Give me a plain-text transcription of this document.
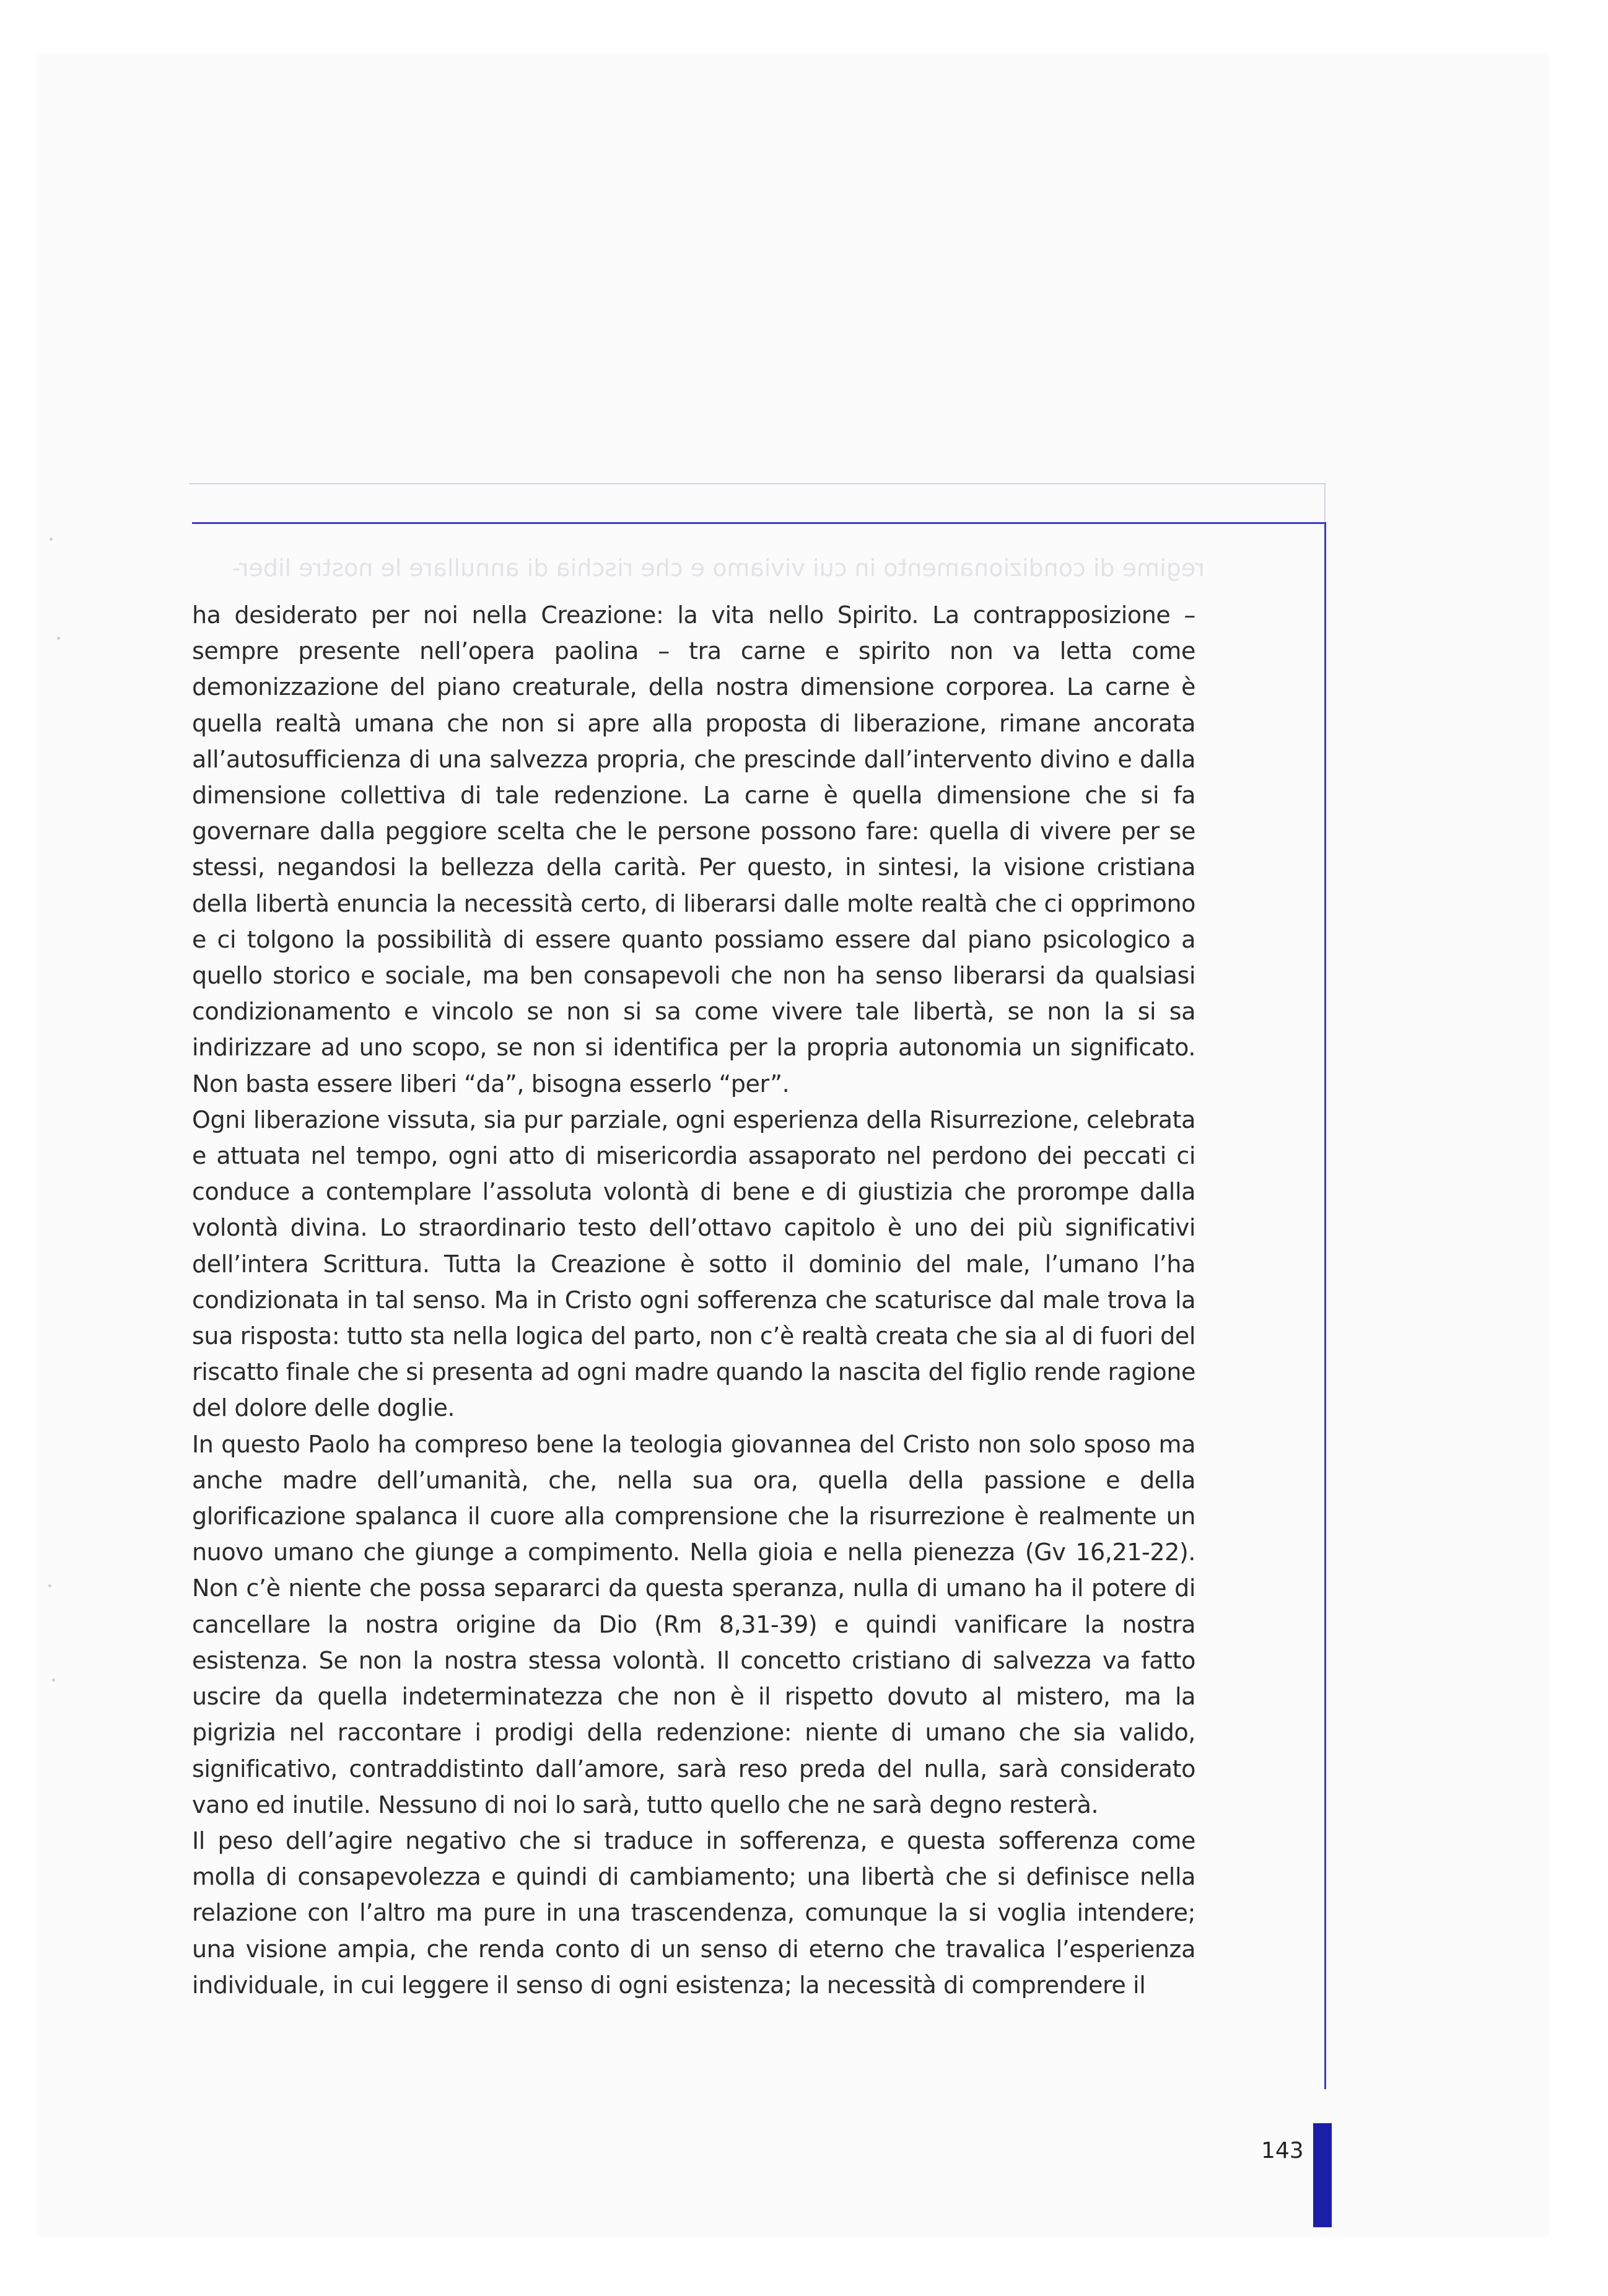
regime di condizionamento in cui viviamo e che rischia di annullare le nostre liber-

ha desiderato per noi nella Creazione: la vita nello Spirito. La contrapposizione – sempre presente nell’opera paolina – tra carne e spirito non va letta come demonizzazione del piano creaturale, della nostra dimensione corporea. La carne è quella realtà umana che non si apre alla proposta di liberazione, rimane ancorata all’autosufficienza di una salvezza propria, che prescinde dall’intervento divino e dalla dimensione collettiva di tale redenzione. La carne è quella dimensione che si fa governare dalla peggiore scelta che le persone possono fare: quella di vivere per se stessi, negandosi la bellezza della carità. Per questo, in sintesi, la visione cristiana della libertà enuncia la necessità certo, di liberarsi dalle molte realtà che ci opprimono e ci tolgono la possibilità di essere quanto possiamo essere dal piano psicologico a quello storico e sociale, ma ben consapevoli che non ha senso liberarsi da qualsiasi condizionamento e vincolo se non si sa come vivere tale libertà, se non la si sa indirizzare ad uno scopo, se non si identifica per la propria autonomia un significato. Non basta essere liberi “da”, bisogna esserlo “per”.

Ogni liberazione vissuta, sia pur parziale, ogni esperienza della Risurrezione, celebrata e attuata nel tempo, ogni atto di misericordia assaporato nel perdono dei peccati ci conduce a contemplare l’assoluta volontà di bene e di giustizia che prorompe dalla volontà divina. Lo straordinario testo dell’ottavo capitolo è uno dei più significativi dell’intera Scrittura. Tutta la Creazione è sotto il dominio del male, l’umano l’ha condizionata in tal senso. Ma in Cristo ogni sofferenza che scaturisce dal male trova la sua risposta: tutto sta nella logica del parto, non c’è realtà creata che sia al di fuori del riscatto finale che si presenta ad ogni madre quando la nascita del figlio rende ragione del dolore delle doglie.

In questo Paolo ha compreso bene la teologia giovannea del Cristo non solo sposo ma anche madre dell’umanità, che, nella sua ora, quella della passione e della glorificazione spalanca il cuore alla comprensione che la risurrezione è realmente un nuovo umano che giunge a compimento. Nella gioia e nella pienezza (Gv 16,21-22). Non c’è niente che possa separarci da questa speranza, nulla di umano ha il potere di cancellare la nostra origine da Dio (Rm 8,31-39) e quindi vanificare la nostra esistenza. Se non la nostra stessa volontà. Il concetto cristiano di salvezza va fatto uscire da quella indeterminatezza che non è il rispetto dovuto al mistero, ma la pigrizia nel raccontare i prodigi della redenzione: niente di umano che sia valido, significativo, contraddistinto dall’amore, sarà reso preda del nulla, sarà considerato vano ed inutile. Nessuno di noi lo sarà, tutto quello che ne sarà degno resterà.

Il peso dell’agire negativo che si traduce in sofferenza, e questa sofferenza come molla di consapevolezza e quindi di cambiamento; una libertà che si definisce nella relazione con l’altro ma pure in una trascendenza, comunque la si voglia intendere; una visione ampia, che renda conto di un senso di eterno che travalica l’esperienza individuale, in cui leggere il senso di ogni esistenza; la necessità di comprendere il

143
